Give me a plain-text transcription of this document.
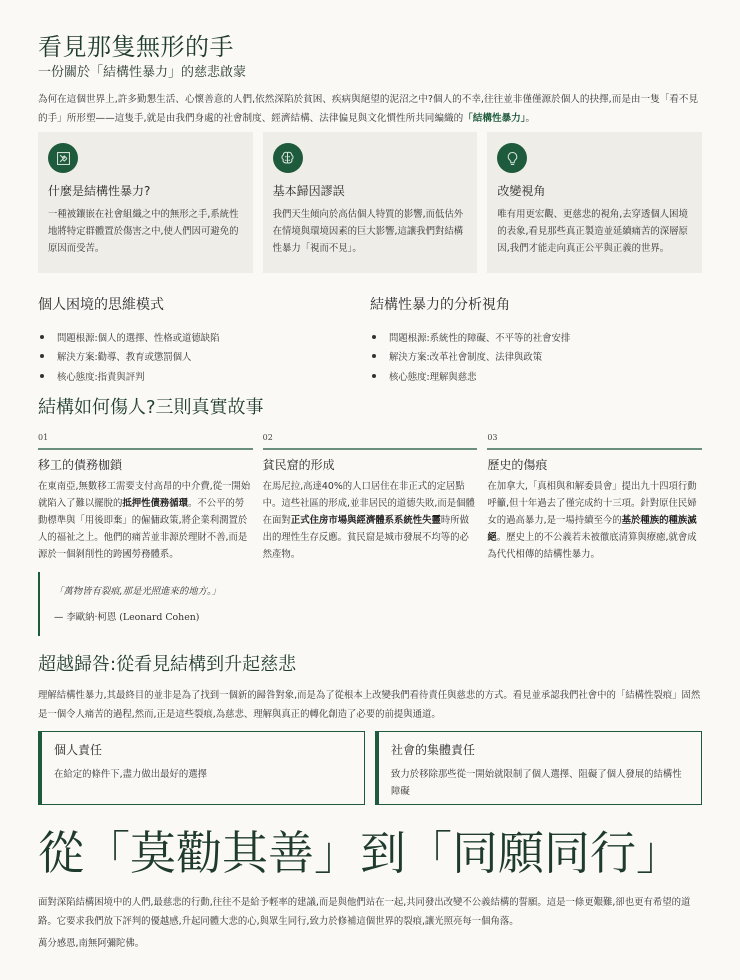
看見那隻無形的手
一份關於「結構性暴力」的慈悲啟蒙

為何在這個世界上,許多勤懇生活、心懷善意的人們,依然深陷於貧困、疾病與絕望的泥沼之中?個人的不幸,往往並非僅僅源於個人的抉擇,而是由一隻「看不見的手」所形塑——這隻手,就是由我們身處的社會制度、經濟結構、法律偏見與文化慣性所共同編織的「結構性暴力」。

什麼是結構性暴力?
一種被鑲嵌在社會組織之中的無形之手,系統性地將特定群體置於傷害之中,使人們因可避免的原因而受苦。
基本歸因謬誤
我們天生傾向於高估個人特質的影響,而低估外在情境與環境因素的巨大影響,這讓我們對結構性暴力「視而不見」。
改變視角
唯有用更宏觀、更慈悲的視角,去穿透個人困境的表象,看見那些真正製造並延續痛苦的深層原因,我們才能走向真正公平與正義的世界。
個人困境的思維模式
問題根源:個人的選擇、性格或道德缺陷
解決方案:勸導、教育或懲罰個人
核心態度:指責與評判
結構性暴力的分析視角
問題根源:系統性的障礙、不平等的社會安排
解決方案:改革社會制度、法律與政策
核心態度:理解與慈悲
結構如何傷人?三則真實故事
01
移工的債務枷鎖
在東南亞,無數移工需要支付高昂的中介費,從一開始就陷入了難以擺脫的抵押性債務循環。不公平的勞動標準與「用後即棄」的僱傭政策,將企業利潤置於人的福祉之上。他們的痛苦並非源於理財不善,而是源於一個剝削性的跨國勞務體系。
02
貧民窟的形成
在馬尼拉,高達40%的人口居住在非正式的定居點中。這些社區的形成,並非居民的道德失敗,而是個體在面對正式住房市場與經濟體系系統性失靈時所做出的理性生存反應。貧民窟是城市發展不均等的必然產物。
03
歷史的傷痕
在加拿大,「真相與和解委員會」提出九十四項行動呼籲,但十年過去了僅完成約十三項。針對原住民婦女的過高暴力,是一場持續至今的基於種族的種族滅絕。歷史上的不公義若未被徹底清算與療癒,就會成為代代相傳的結構性暴力。
「萬物皆有裂痕,那是光照進來的地方。」
— 李歐納·柯恩 (Leonard Cohen)
超越歸咎:從看見結構到升起慈悲

理解結構性暴力,其最終目的並非是為了找到一個新的歸咎對象,而是為了從根本上改變我們看待責任與慈悲的方式。看見並承認我們社會中的「結構性裂痕」固然是一個令人痛苦的過程,然而,正是這些裂痕,為慈悲、理解與真正的轉化創造了必要的前提與通道。

個人責任
在給定的條件下,盡力做出最好的選擇
社會的集體責任
致力於移除那些從一開始就限制了個人選擇、阻礙了個人發展的結構性障礙
從「莫勸其善」到「同願同行」

面對深陷結構困境中的人們,最慈悲的行動,往往不是給予輕率的建議,而是與他們站在一起,共同發出改變不公義結構的誓願。這是一條更艱難,卻也更有希望的道路。它要求我們放下評判的優越感,升起同體大悲的心,與眾生同行,致力於修補這個世界的裂痕,讓光照亮每一個角落。

萬分感恩,南無阿彌陀佛。
